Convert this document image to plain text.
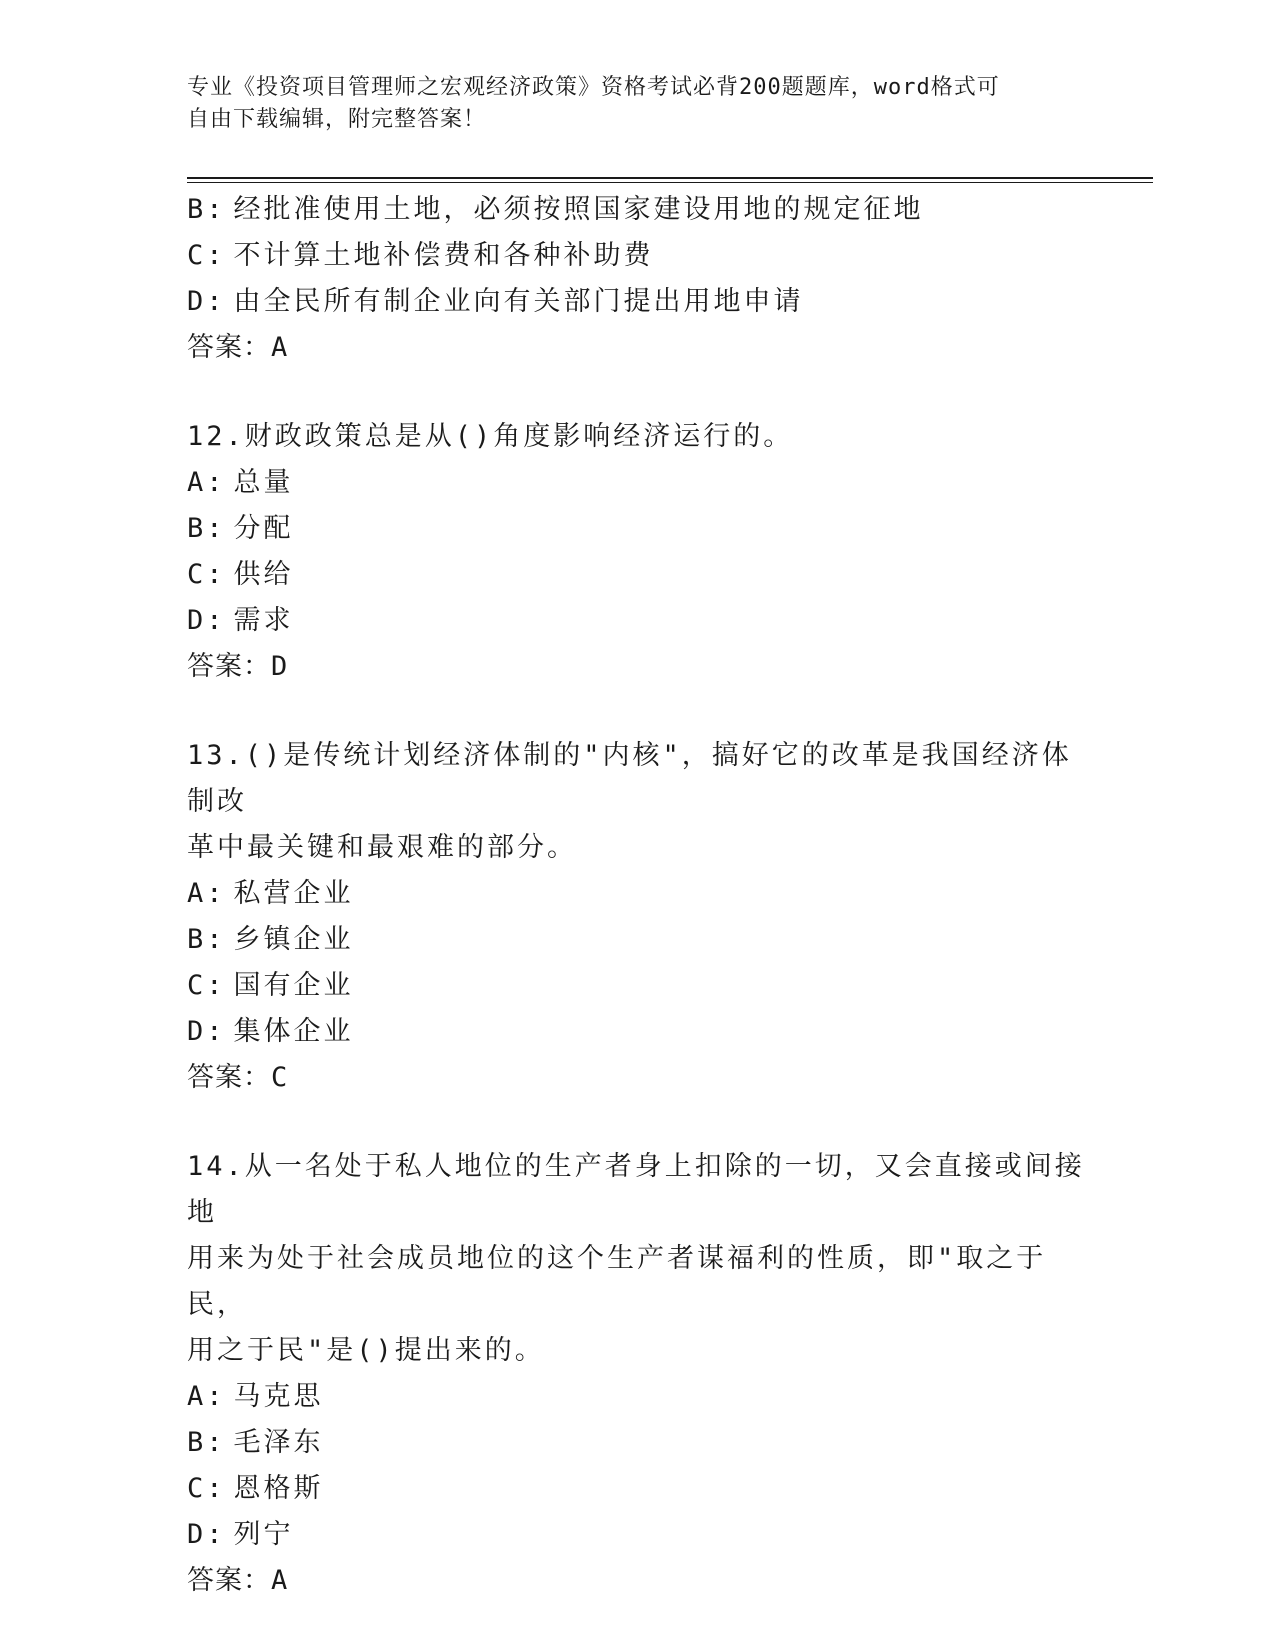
专业《投资项目管理师之宏观经济政策》资格考试必背200题题库，word格式可
自由下载编辑，附完整答案！
B: 经批准使用土地，必须按照国家建设用地的规定征地
C: 不计算土地补偿费和各种补助费
D: 由全民所有制企业向有关部门提出用地申请
答案：A
12.财政政策总是从()角度影响经济运行的。
A: 总量
B: 分配
C: 供给
D: 需求
答案：D
13.()是传统计划经济体制的"内核"，搞好它的改革是我国经济体制改
革中最关键和最艰难的部分。
A: 私营企业
B: 乡镇企业
C: 国有企业
D: 集体企业
答案：C
14.从一名处于私人地位的生产者身上扣除的一切，又会直接或间接地
用来为处于社会成员地位的这个生产者谋福利的性质，即"取之于民，
用之于民"是()提出来的。
A: 马克思
B: 毛泽东
C: 恩格斯
D: 列宁
答案：A
